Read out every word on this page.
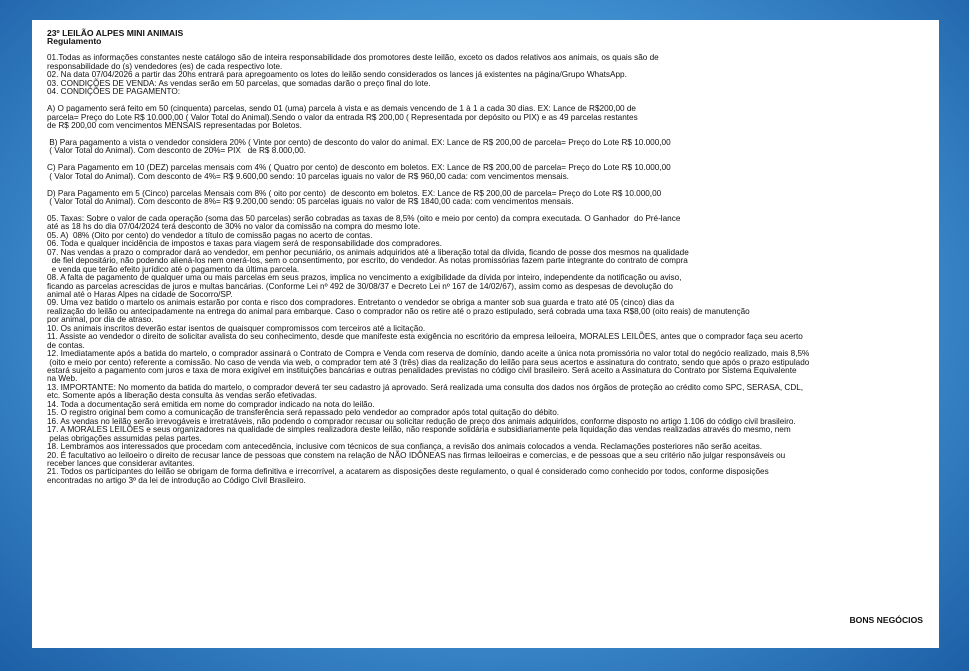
23º LEILÃO ALPES MINI ANIMAIS

Regulamento

01.Todas as informações constantes neste catálogo são de inteira responsabilidade dos promotores deste leilão, exceto os dados relativos aos animais, os quais são de

responsabilidade do (s) vendedores (es) de cada respectivo lote.

02. Na data 07/04/2026 a partir das 20hs entrará para apregoamento os lotes do leilão sendo considerados os lances já existentes na página/Grupo WhatsApp.

03. CONDIÇÕES DE VENDA: As vendas serão em 50 parcelas, que somadas darão o preço final do lote.

04. CONDIÇÕES DE PAGAMENTO:

A) O pagamento será feito em 50 (cinquenta) parcelas, sendo 01 (uma) parcela à vista e as demais vencendo de 1 à 1 a cada 30 dias. EX: Lance de R$200,00 de

parcela= Preço do Lote R$ 10.000,00 ( Valor Total do Animal).Sendo o valor da entrada R$ 200,00 ( Representada por depósito ou PIX) e as 49 parcelas restantes

de R$ 200,00 com vencimentos MENSAIS representadas por Boletos.

B) Para pagamento a vista o vendedor considera 20% ( Vinte por cento) de desconto do valor do animal. EX: Lance de R$ 200,00 de parcela= Preço do Lote R$ 10.000,00

( Valor Total do Animal). Com desconto de 20%= PIX   de R$ 8.000,00.

C) Para Pagamento em 10 (DEZ) parcelas mensais com 4% ( Quatro por cento) de desconto em boletos. EX: Lance de R$ 200,00 de parcela= Preço do Lote R$ 10.000,00

( Valor Total do Animal). Com desconto de 4%= R$ 9.600,00 sendo: 10 parcelas iguais no valor de R$ 960,00 cada: com vencimentos mensais.

D) Para Pagamento em 5 (Cinco) parcelas Mensais com 8% ( oito por cento)  de desconto em boletos. EX: Lance de R$ 200,00 de parcela= Preço do Lote R$ 10.000,00

( Valor Total do Animal). Com desconto de 8%= R$ 9.200,00 sendo: 05 parcelas iguais no valor de R$ 1840,00 cada: com vencimentos mensais.

05. Taxas: Sobre o valor de cada operação (soma das 50 parcelas) serão cobradas as taxas de 8,5% (oito e meio por cento) da compra executada. O Ganhador  do Pré-lance

até as 18 hs do dia 07/04/2024 terá desconto de 30% no valor da comissão na compra do mesmo lote.

05. A)  08% (Oito por cento) do vendedor a título de comissão pagas no acerto de contas.

06. Toda e qualquer incidência de impostos e taxas para viagem será de responsabilidade dos compradores.

07. Nas vendas a prazo o comprador dará ao vendedor, em penhor pecuniário, os animais adquiridos até a liberação total da dívida, ficando de posse dos mesmos na qualidade

de fiel depositário, não podendo aliená-los nem onerá-los, sem o consentimento, por escrito, do vendedor. As notas promissórias fazem parte integrante do contrato de compra

e venda que terão efeito jurídico até o pagamento da última parcela.

08. A falta de pagamento de qualquer uma ou mais parcelas em seus prazos, implica no vencimento a exigibilidade da dívida por inteiro, independente da notificação ou aviso,

ficando as parcelas acrescidas de juros e multas bancárias. (Conforme Lei nº 492 de 30/08/37 e Decreto Lei nº 167 de 14/02/67), assim como as despesas de devolução do

animal até o Haras Alpes na cidade de Socorro/SP.

09. Uma vez batido o martelo os animais estarão por conta e risco dos compradores. Entretanto o vendedor se obriga a manter sob sua guarda e trato até 05 (cinco) dias da

realização do leilão ou antecipadamente na entrega do animal para embarque. Caso o comprador não os retire até o prazo estipulado, será cobrada uma taxa R$8,00 (oito reais) de manutenção

por animal, por dia de atraso.

10. Os animais inscritos deverão estar isentos de quaisquer compromissos com terceiros até a licitação.

11. Assiste ao vendedor o direito de solicitar avalista do seu conhecimento, desde que manifeste esta exigência no escritório da empresa leiloeira, MORALES LEILÕES, antes que o comprador faça seu acerto

de contas.

12. Imediatamente após a batida do martelo, o comprador assinará o Contrato de Compra e Venda com reserva de domínio, dando aceite a única nota promissória no valor total do negócio realizado, mais 8,5%

(oito e meio por cento) referente a comissão. No caso de venda via web, o comprador tem até 3 (três) dias da realização do leilão para seus acertos e assinatura do contrato, sendo que após o prazo estipulado

estará sujeito a pagamento com juros e taxa de mora exigível em instituições bancárias e outras penalidades previstas no código civil brasileiro. Será aceito a Assinatura do Contrato por Sistema Equivalente

na Web.

13. IMPORTANTE: No momento da batida do martelo, o comprador deverá ter seu cadastro já aprovado. Será realizada uma consulta dos dados nos órgãos de proteção ao crédito como SPC, SERASA, CDL,

etc. Somente após a liberação desta consulta às vendas serão efetivadas.

14. Toda a documentação será emitida em nome do comprador indicado na nota do leilão.

15. O registro original bem como a comunicação de transferência será repassado pelo vendedor ao comprador após total quitação do débito.

16. As vendas no leilão serão irrevogáveis e irretratáveis, não podendo o comprador recusar ou solicitar redução de preço dos animais adquiridos, conforme disposto no artigo 1.106 do código civil brasileiro.

17. A MORALES LEILÕES e seus organizadores na qualidade de simples realizadora deste leilão, não responde solidária e subsidiariamente pela liquidação das vendas realizadas através do mesmo, nem

pelas obrigações assumidas pelas partes.

18. Lembramos aos interessados que procedam com antecedência, inclusive com técnicos de sua confiança, a revisão dos animais colocados a venda. Reclamações posteriores não serão aceitas.

20. É facultativo ao leiloeiro o direito de recusar lance de pessoas que constem na relação de NÃO IDÔNEAS nas firmas leiloeiras e comercias, e de pessoas que a seu critério não julgar responsáveis ou

receber lances que considerar avitantes.

21. Todos os participantes do leilão se obrigam de forma definitiva e irrecorrível, a acatarem as disposições deste regulamento, o qual é considerado como conhecido por todos, conforme disposições

encontradas no artigo 3º da lei de introdução ao Código Civil Brasileiro.

BONS NEGÓCIOS
